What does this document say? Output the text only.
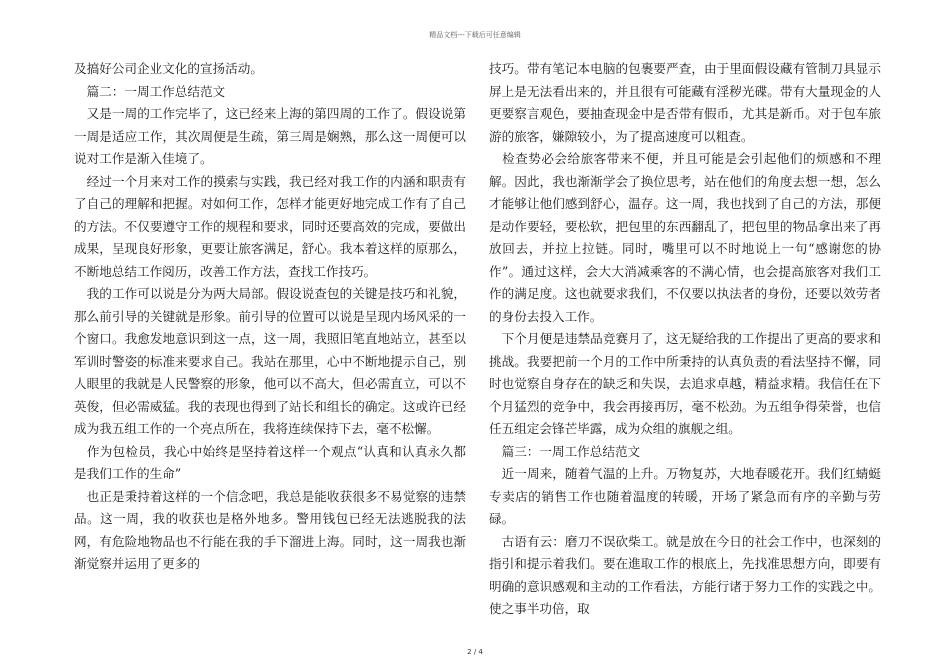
精品文档---下载后可任意编辑

及搞好公司企业文化的宣扬活动。

　篇二：一周工作总结范文

　又是一周的工作完毕了，这已经来上海的第四周的工作了。假设说第一周是适应工作，其次周便是生疏，第三周是娴熟，那么这一周便可以说对工作是渐入佳境了。

　经过一个月来对工作的摸索与实践，我已经对我工作的内涵和职责有了自己的理解和把握。对如何工作，怎样才能更好地完成工作有了自己的方法。不仅要遵守工作的规程和要求，同时还要高效的完成，要做出成果，呈现良好形象，更要让旅客满足，舒心。我本着这样的原那么，不断地总结工作阅历，改善工作方法，查找工作技巧。

　我的工作可以说是分为两大局部。假设说查包的关键是技巧和礼貌，那么前引导的关键就是形象。前引导的位置可以说是呈现内场风采的一个窗口。我愈发地意识到这一点，这一周，我照旧笔直地站立，甚至以军训时警姿的标准来要求自己。我站在那里，心中不断地提示自己，别人眼里的我就是人民警察的形象，他可以不高大，但必需直立，可以不英俊，但必需威猛。我的表现也得到了站长和组长的确定。这或许已经成为我五组工作的一个亮点所在，我将连续保持下去，毫不松懈。

　作为包检员，我心中始终是坚持着这样一个观点“认真和认真永久都是我们工作的生命”

　也正是秉持着这样的一个信念吧，我总是能收获很多不易觉察的违禁品。这一周，我的收获也是格外地多。警用钱包已经无法逃脱我的法网，有危险地物品也不行能在我的手下溜进上海。同时，这一周我也渐渐觉察并运用了更多的

技巧。带有笔记本电脑的包裹要严查，由于里面假设藏有管制刀具显示屏上是无法看出来的，并且很有可能藏有淫秽光碟。带有大量现金的人更要察言观色，要抽查现金中是否带有假币，尤其是新币。对于包车旅游的旅客，嫌隙较小，为了提高速度可以粗查。

　检查势必会给旅客带来不便，并且可能是会引起他们的烦感和不理解。因此，我也渐渐学会了换位思考，站在他们的角度去想一想，怎么才能够让他们感到舒心，温存。这一周，我也找到了自己的方法，那便是动作要轻，要松软，把包里的东西翻乱了，把包里的物品拿出来了再放回去，并拉上拉链。同时，嘴里可以不时地说上一句“感谢您的协作”。通过这样，会大大消减乘客的不满心情，也会提高旅客对我们工作的满足度。这也就要求我们，不仅要以执法者的身份，还要以效劳者的身份去投入工作。

　下个月便是违禁品竞赛月了，这无疑给我的工作提出了更高的要求和挑战。我要把前一个月的工作中所秉持的认真负责的看法坚持不懈，同时也觉察自身存在的缺乏和失误，去追求卓越，精益求精。我信任在下个月猛烈的竞争中，我会再接再厉，毫不松劲。为五组争得荣誉，也信任五组定会锋芒毕露，成为众组的旗舰之组。

　篇三：一周工作总结范文

　近一周来，随着气温的上升。万物复苏，大地春暖花开。我们红蜻蜓专卖店的销售工作也随着温度的转暖，开场了紧急而有序的辛勤与劳碌。

　古语有云：磨刀不误砍柴工。就是放在今日的社会工作中，也深刻的指引和提示着我们。要在進取工作的根底上，先找准思想方向，即要有明确的意识感观和主动的工作看法，方能行诸于努力工作的实践之中。使之事半功倍，取

2 / 4
